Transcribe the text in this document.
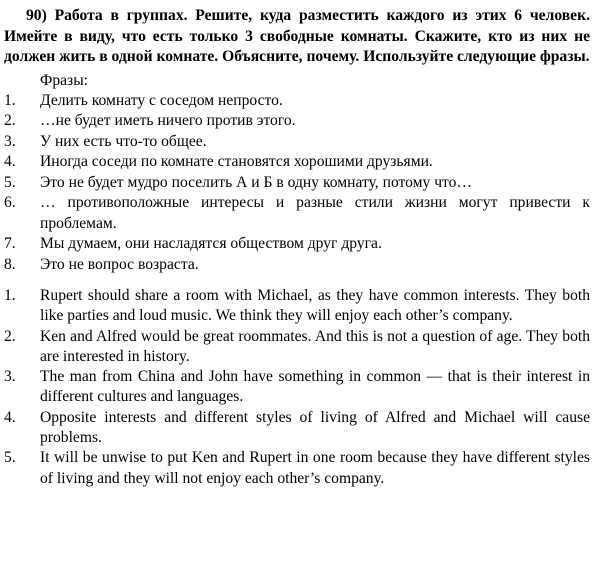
90) Работа в группах. Решите, куда разместить каждого из этих 6 человек. Имейте в виду, что есть только 3 свободные комнаты. Скажите, кто из них не должен жить в одной комнате. Объясните, почему. Используйте следующие фразы.

Фразы:
1.	Делить комнату с соседом непросто.
2.	…не будет иметь ничего против этого.
3.	У них есть что-то общее.
4.	Иногда соседи по комнате становятся хорошими друзьями.
5.	Это не будет мудро поселить А и Б в одну комнату, потому что…
6.	… противоположные интересы и разные стили жизни могут привести к проблемам.
7.	Мы думаем, они насладятся обществом друг друга.
8.	Это не вопрос возраста.
1.	Rupert should share a room with Michael, as they have common interests. They both like parties and loud music. We think they will enjoy each other’s company.
2.	Ken and Alfred would be great roommates. And this is not a question of age. They both are interested in history.
3.	The man from China and John have something in common — that is their interest in different cultures and languages.
4.	Opposite interests and different styles of living of Alfred and Michael will cause problems.
5.	It will be unwise to put Ken and Rupert in one room because they have different styles of living and they will not enjoy each other’s company.
